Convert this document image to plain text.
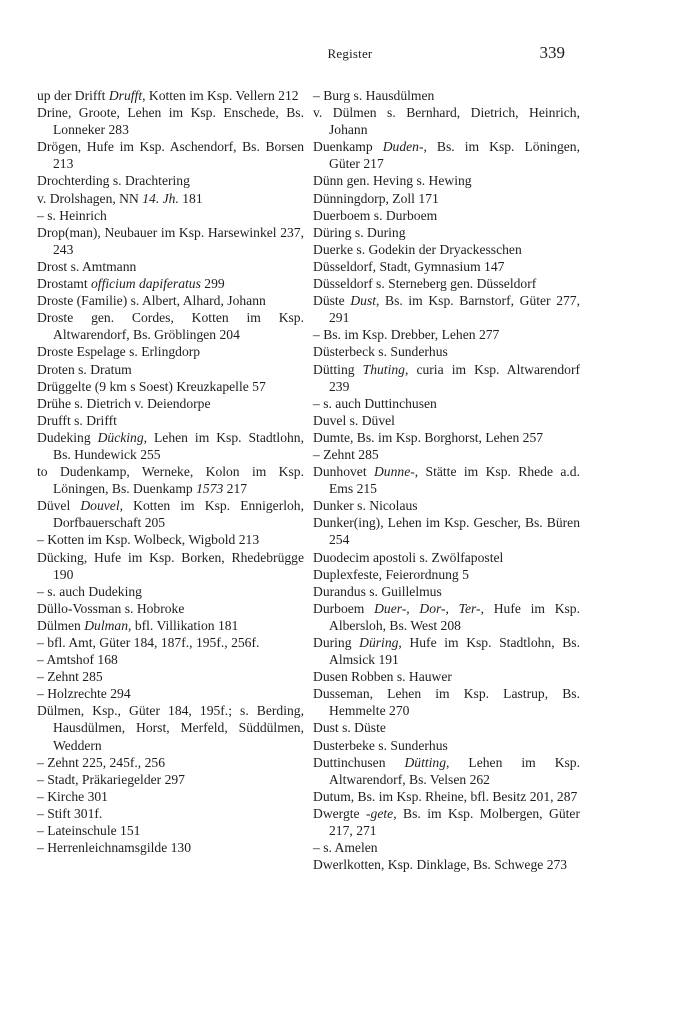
Register	339
up der Drifft Drufft, Kotten im Ksp. Vellern 212
Drine, Groote, Lehen im Ksp. Enschede, Bs. Lonneker 283
Drögen, Hufe im Ksp. Aschendorf, Bs. Borsen 213
Drochterding s. Drachtering
v. Drolshagen, NN 14. Jh. 181
– s. Heinrich
Drop(man), Neubauer im Ksp. Harsewinkel 237, 243
Drost s. Amtmann
Drostamt officium dapiferatus 299
Droste (Familie) s. Albert, Alhard, Johann
Droste gen. Cordes, Kotten im Ksp. Altwarendorf, Bs. Gröblingen 204
Droste Espelage s. Erlingdorp
Droten s. Dratum
Drüggelte (9 km s Soest) Kreuzkapelle 57
Drühe s. Dietrich v. Deiendorpe
Drufft s. Drifft
Dudeking Dücking, Lehen im Ksp. Stadtlohn, Bs. Hundewick 255
to Dudenkamp, Werneke, Kolon im Ksp. Löningen, Bs. Duenkamp 1573 217
Düvel Douvel, Kotten im Ksp. Ennigerloh, Dorfbauerschaft 205
– Kotten im Ksp. Wolbeck, Wigbold 213
Dücking, Hufe im Ksp. Borken, Rhedebrügge 190
– s. auch Dudeking
Düllo-Vossman s. Hobroke
Dülmen Dulman, bfl. Villikation 181
– bfl. Amt, Güter 184, 187f., 195f., 256f.
– Amtshof 168
– Zehnt 285
– Holzrechte 294
Dülmen, Ksp., Güter 184, 195f.; s. Berding, Hausdülmen, Horst, Merfeld, Süddülmen, Weddern
– Zehnt 225, 245f., 256
– Stadt, Präkariegelder 297
– Kirche 301
– Stift 301f.
– Lateinschule 151
– Herrenleichnamsgilde 130
– Burg s. Hausdülmen
v. Dülmen s. Bernhard, Dietrich, Heinrich, Johann
Duenkamp Duden-, Bs. im Ksp. Löningen, Güter 217
Dünn gen. Heving s. Hewing
Dünningdorp, Zoll 171
Duerboem s. Durboem
Düring s. During
Duerke s. Godekin der Dryackesschen
Düsseldorf, Stadt, Gymnasium 147
Düsseldorf s. Sterneberg gen. Düsseldorf
Düste Dust, Bs. im Ksp. Barnstorf, Güter 277, 291
– Bs. im Ksp. Drebber, Lehen 277
Düsterbeck s. Sunderhus
Dütting Thuting, curia im Ksp. Altwarendorf 239
– s. auch Duttinchusen
Duvel s. Düvel
Dumte, Bs. im Ksp. Borghorst, Lehen 257
– Zehnt 285
Dunhovet Dunne-, Stätte im Ksp. Rhede a.d. Ems 215
Dunker s. Nicolaus
Dunker(ing), Lehen im Ksp. Gescher, Bs. Büren 254
Duodecim apostoli s. Zwölfapostel
Duplexfeste, Feierordnung 5
Durandus s. Guillelmus
Durboem Duer-, Dor-, Ter-, Hufe im Ksp. Albersloh, Bs. West 208
During Düring, Hufe im Ksp. Stadtlohn, Bs. Almsick 191
Dusen Robben s. Hauwer
Dusseman, Lehen im Ksp. Lastrup, Bs. Hemmelte 270
Dust s. Düste
Dusterbeke s. Sunderhus
Duttinchusen Dütting, Lehen im Ksp. Altwarendorf, Bs. Velsen 262
Dutum, Bs. im Ksp. Rheine, bfl. Besitz 201, 287
Dwergte -gete, Bs. im Ksp. Molbergen, Güter 217, 271
– s. Amelen
Dwerlkotten, Ksp. Dinklage, Bs. Schwege 273
